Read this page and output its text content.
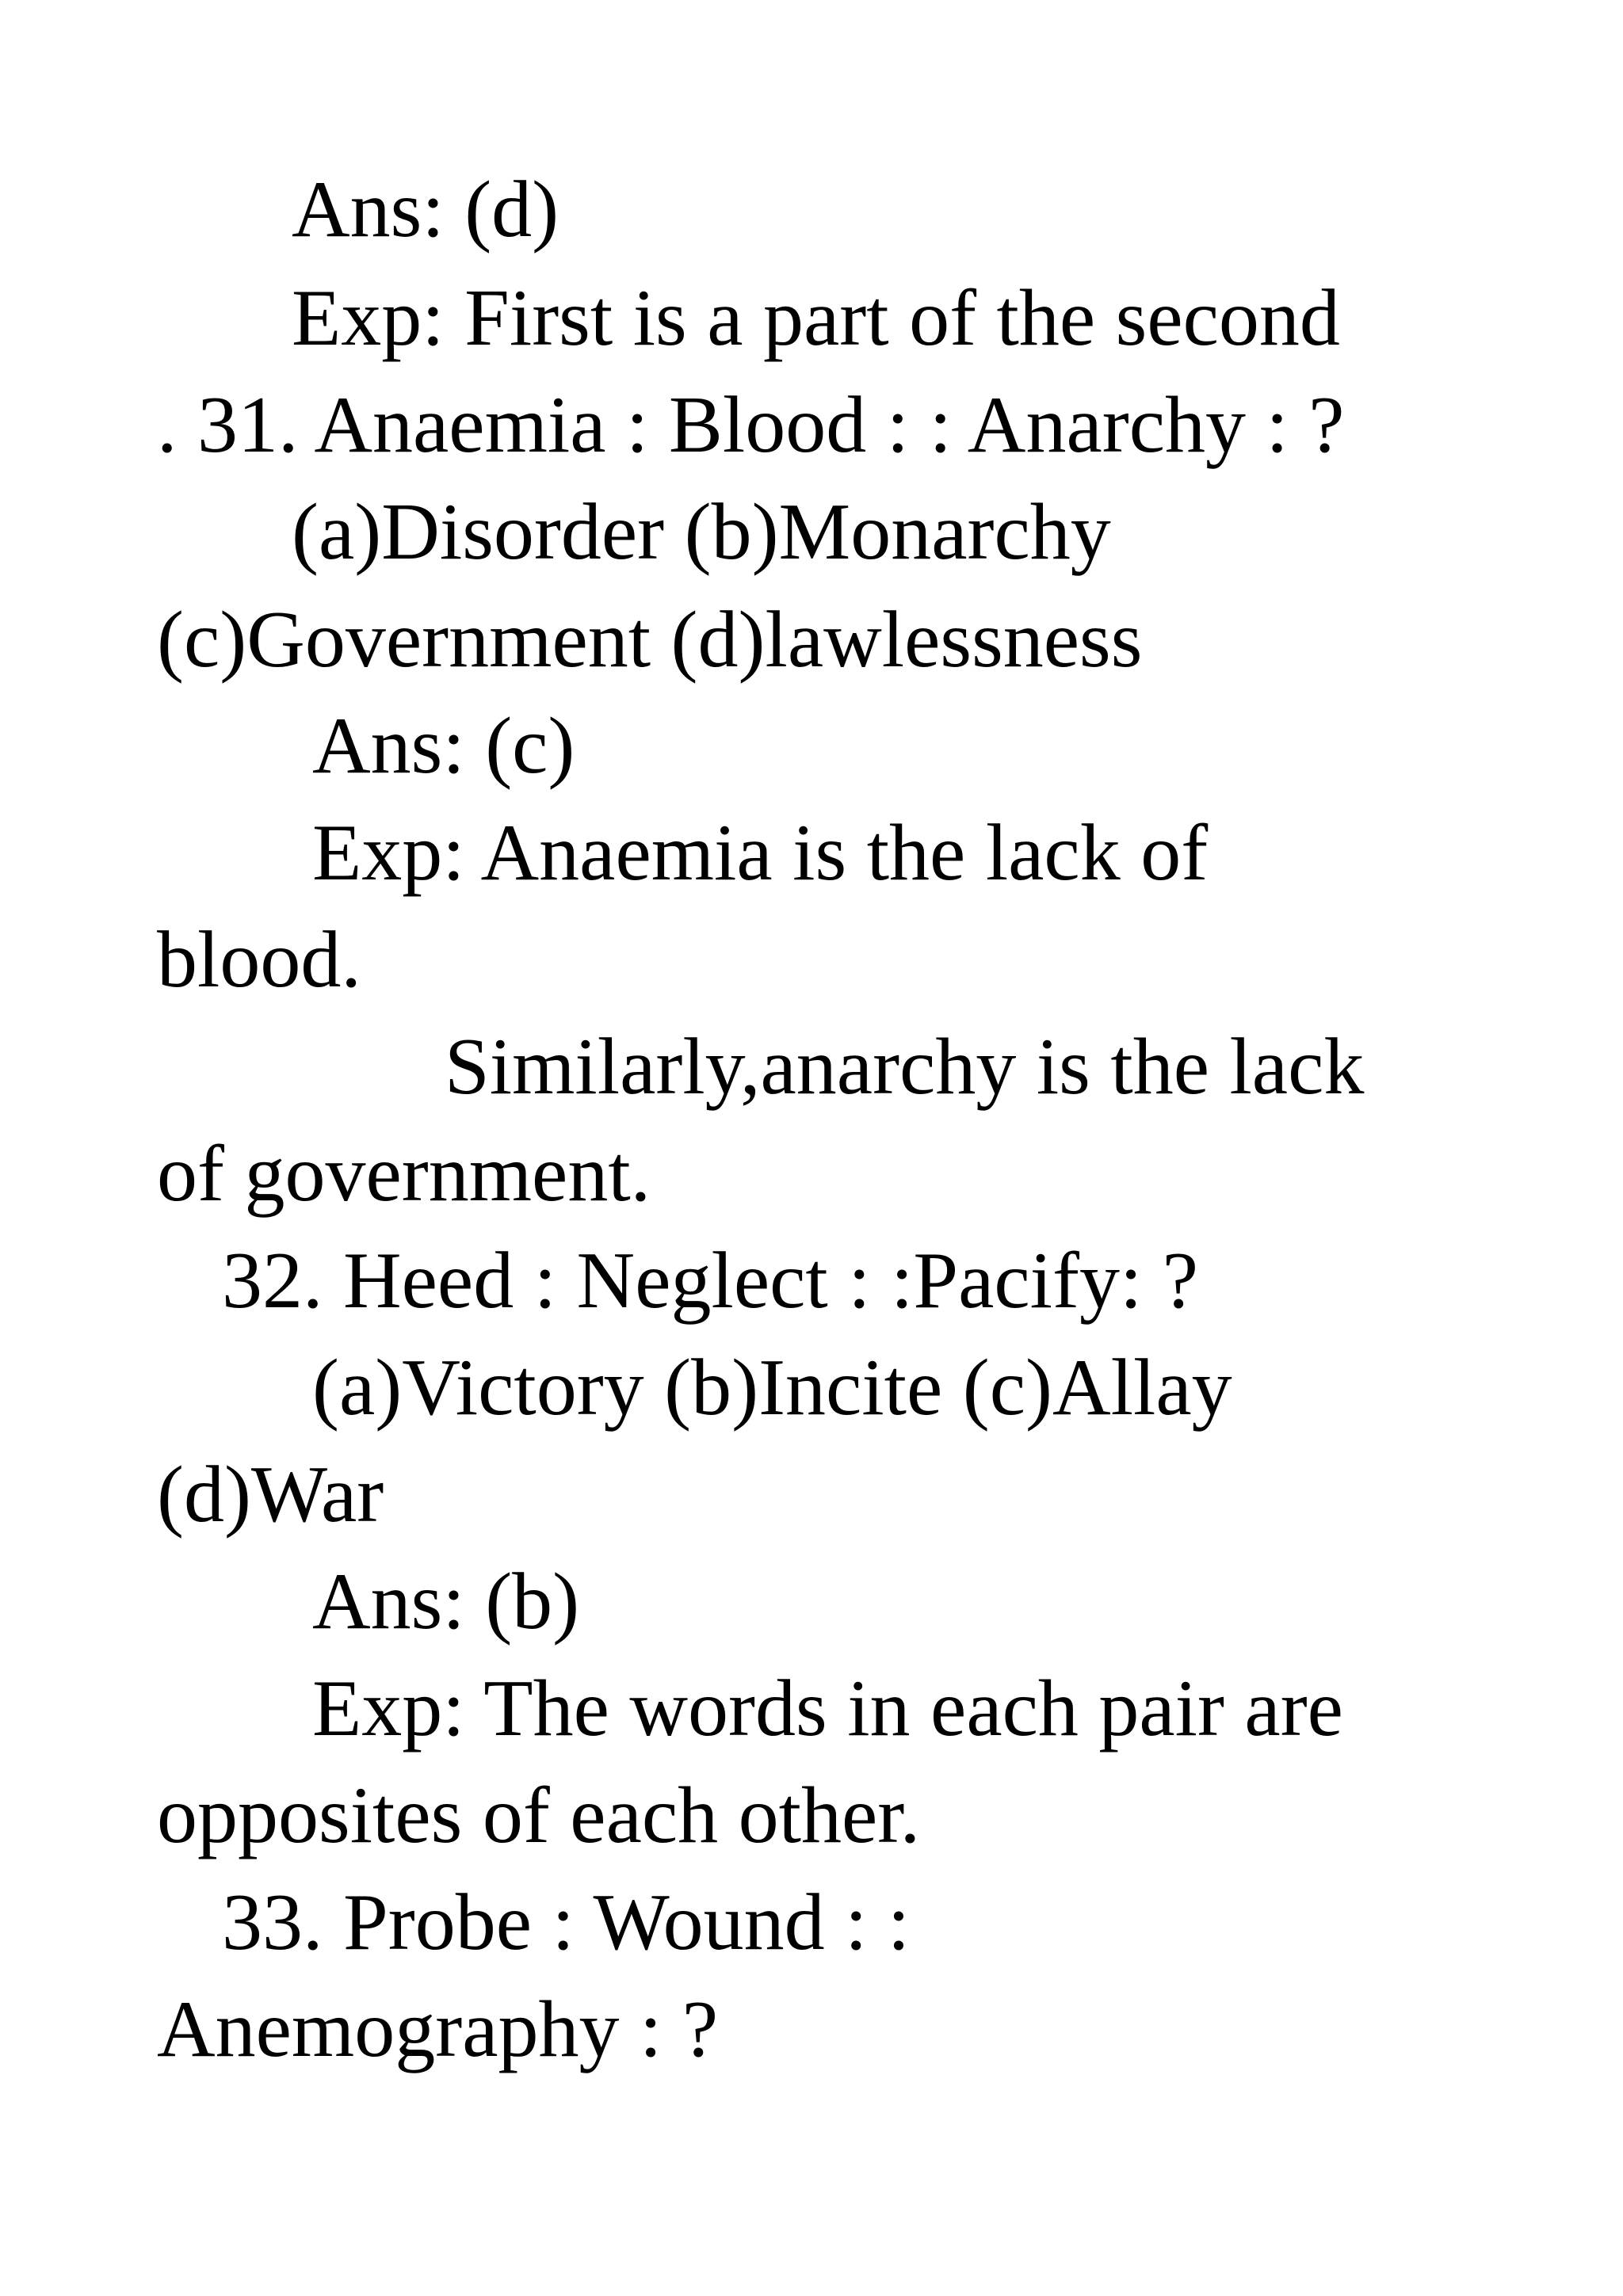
Ans: (d)
Exp: First is a part of the second
. 31. Anaemia : Blood : : Anarchy : ?
(a)Disorder (b)Monarchy
(c)Government (d)lawlessness
Ans: (c)
Exp: Anaemia is the lack of
blood.
Similarly,anarchy is the lack
of government.
32. Heed : Neglect : :Pacify: ?
(a)Victory (b)Incite (c)Allay
(d)War
Ans: (b)
Exp: The words in each pair are
opposites of each other.
33. Probe : Wound : :
Anemography : ?
